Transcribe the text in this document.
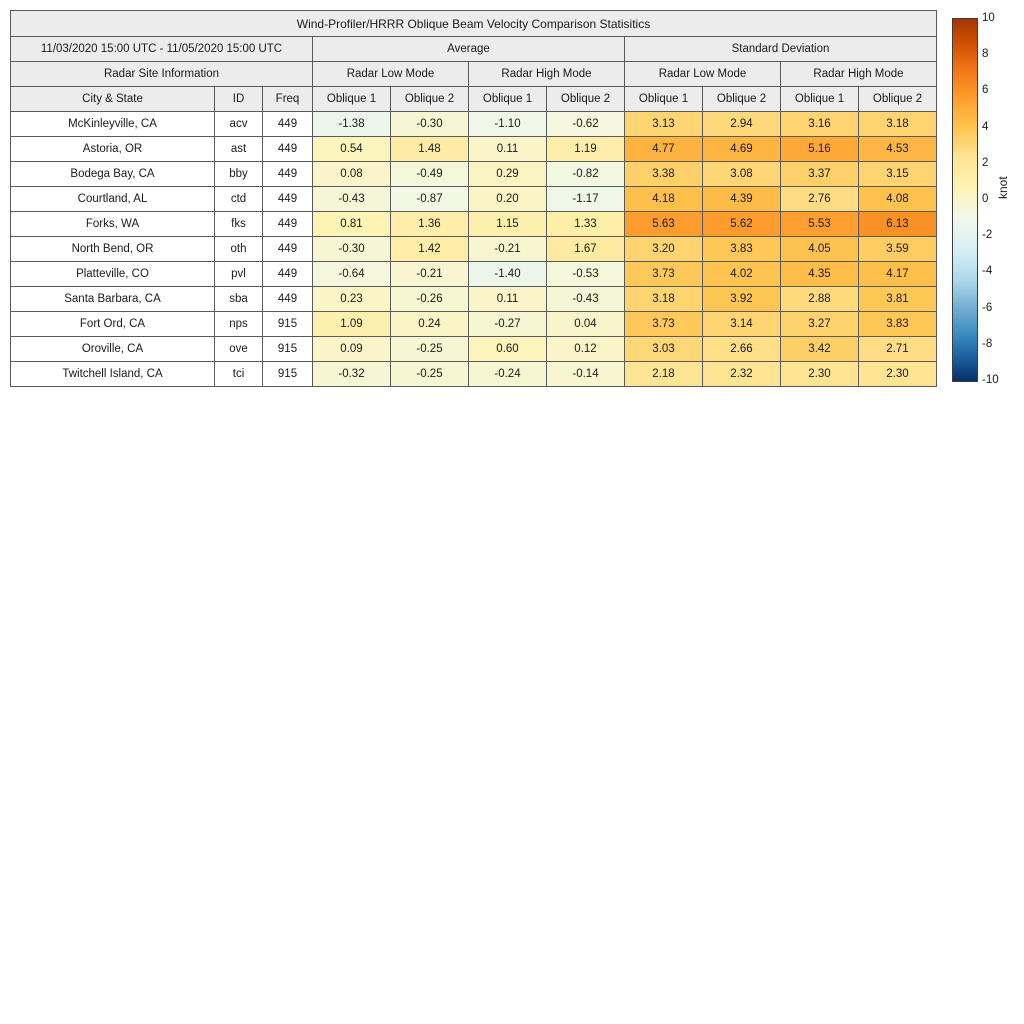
Wind-Profiler/HRRR Oblique Beam Velocity Comparison Statisitics										
11/03/2020 15:00 UTC - 11/05/2020 15:00 UTC			Average				Standard Deviation			
Radar Site Information			Radar Low Mode		Radar High Mode		Radar Low Mode		Radar High Mode	
City & State	ID	Freq	Oblique 1	Oblique 2	Oblique 1	Oblique 2	Oblique 1	Oblique 2	Oblique 1	Oblique 2
McKinleyville, CA	acv	449	-1.38	-0.30	-1.10	-0.62	3.13	2.94	3.16	3.18
Astoria, OR	ast	449	0.54	1.48	0.11	1.19	4.77	4.69	5.16	4.53
Bodega Bay, CA	bby	449	0.08	-0.49	0.29	-0.82	3.38	3.08	3.37	3.15
Courtland, AL	ctd	449	-0.43	-0.87	0.20	-1.17	4.18	4.39	2.76	4.08
Forks, WA	fks	449	0.81	1.36	1.15	1.33	5.63	5.62	5.53	6.13
North Bend, OR	oth	449	-0.30	1.42	-0.21	1.67	3.20	3.83	4.05	3.59
Platteville, CO	pvl	449	-0.64	-0.21	-1.40	-0.53	3.73	4.02	4.35	4.17
Santa Barbara, CA	sba	449	0.23	-0.26	0.11	-0.43	3.18	3.92	2.88	3.81
Fort Ord, CA	nps	915	1.09	0.24	-0.27	0.04	3.73	3.14	3.27	3.83
Oroville, CA	ove	915	0.09	-0.25	0.60	0.12	3.03	2.66	3.42	2.71
Twitchell Island, CA	tci	915	-0.32	-0.25	-0.24	-0.14	2.18	2.32	2.30	2.30
10
8
6
4
2
0
-2
-4
-6
-8
-10
knot
